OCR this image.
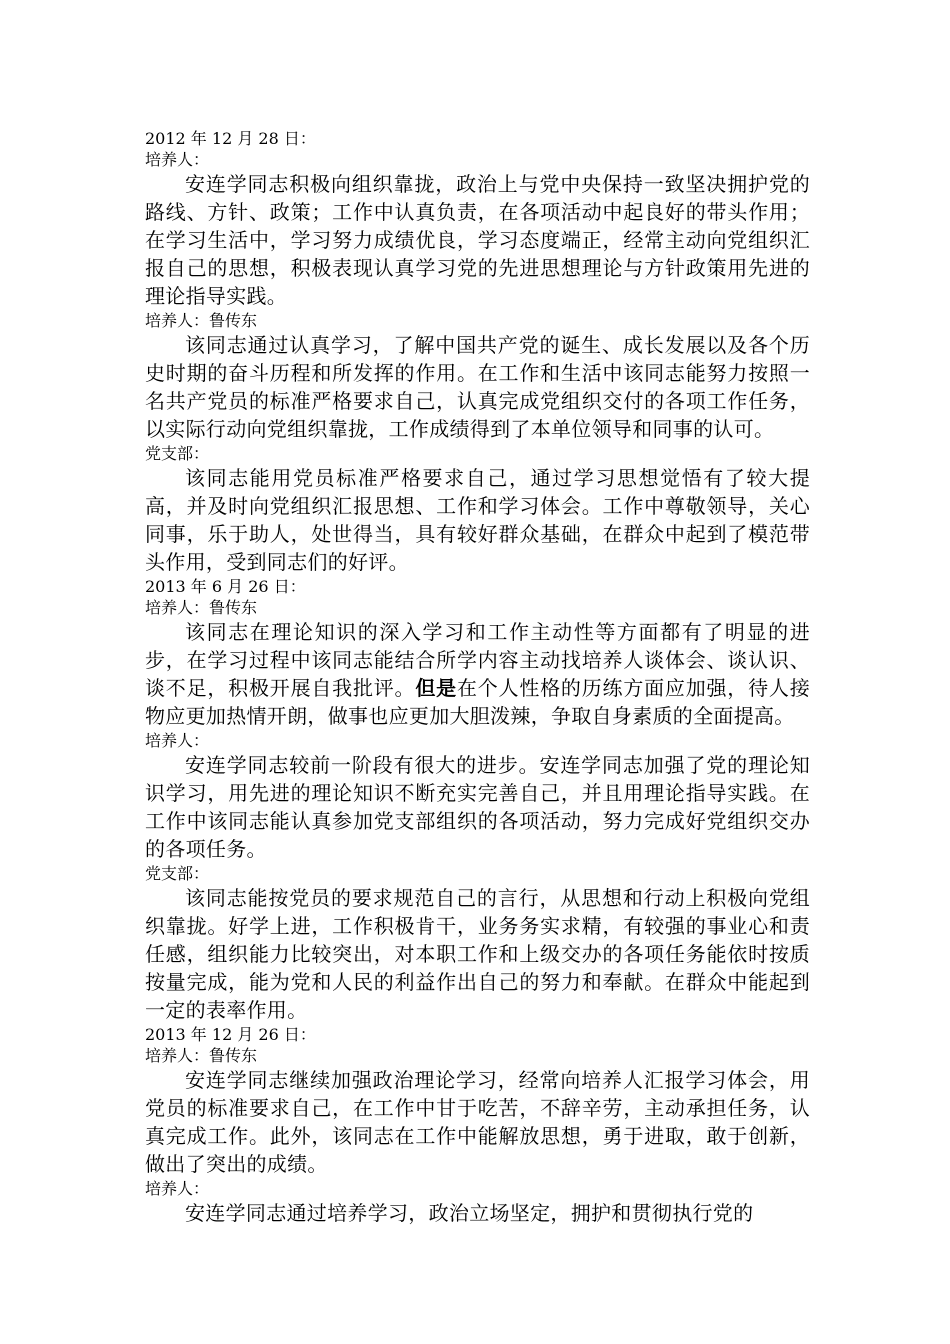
2012 年 12 月 28 日：
培养人：

安连学同志积极向组织靠拢，政治上与党中央保持一致坚决拥护党的路线、方针、政策；工作中认真负责，在各项活动中起良好的带头作用；在学习生活中，学习努力成绩优良，学习态度端正，经常主动向党组织汇报自己的思想，积极表现认真学习党的先进思想理论与方针政策用先进的理论指导实践。

培养人：鲁传东

该同志通过认真学习，了解中国共产党的诞生、成长发展以及各个历史时期的奋斗历程和所发挥的作用。在工作和生活中该同志能努力按照一名共产党员的标准严格要求自己，认真完成党组织交付的各项工作任务，以实际行动向党组织靠拢，工作成绩得到了本单位领导和同事的认可。

党支部：

该同志能用党员标准严格要求自己，通过学习思想觉悟有了较大提高，并及时向党组织汇报思想、工作和学习体会。工作中尊敬领导，关心同事，乐于助人，处世得当，具有较好群众基础，在群众中起到了模范带头作用，受到同志们的好评。

2013 年 6 月 26 日：
培养人：鲁传东

该同志在理论知识的深入学习和工作主动性等方面都有了明显的进步，在学习过程中该同志能结合所学内容主动找培养人谈体会、谈认识、谈不足，积极开展自我批评。但是在个人性格的历练方面应加强，待人接物应更加热情开朗，做事也应更加大胆泼辣，争取自身素质的全面提高。

培养人：

安连学同志较前一阶段有很大的进步。安连学同志加强了党的理论知识学习，用先进的理论知识不断充实完善自己，并且用理论指导实践。在工作中该同志能认真参加党支部组织的各项活动，努力完成好党组织交办的各项任务。

党支部：

该同志能按党员的要求规范自己的言行，从思想和行动上积极向党组织靠拢。好学上进，工作积极肯干，业务务实求精，有较强的事业心和责任感，组织能力比较突出，对本职工作和上级交办的各项任务能依时按质按量完成，能为党和人民的利益作出自己的努力和奉献。在群众中能起到一定的表率作用。

2013 年 12 月 26 日：
培养人：鲁传东

安连学同志继续加强政治理论学习，经常向培养人汇报学习体会，用党员的标准要求自己，在工作中甘于吃苦，不辞辛劳，主动承担任务，认真完成工作。此外，该同志在工作中能解放思想，勇于进取，敢于创新，做出了突出的成绩。

培养人：

安连学同志通过培养学习，政治立场坚定，拥护和贯彻执行党的
